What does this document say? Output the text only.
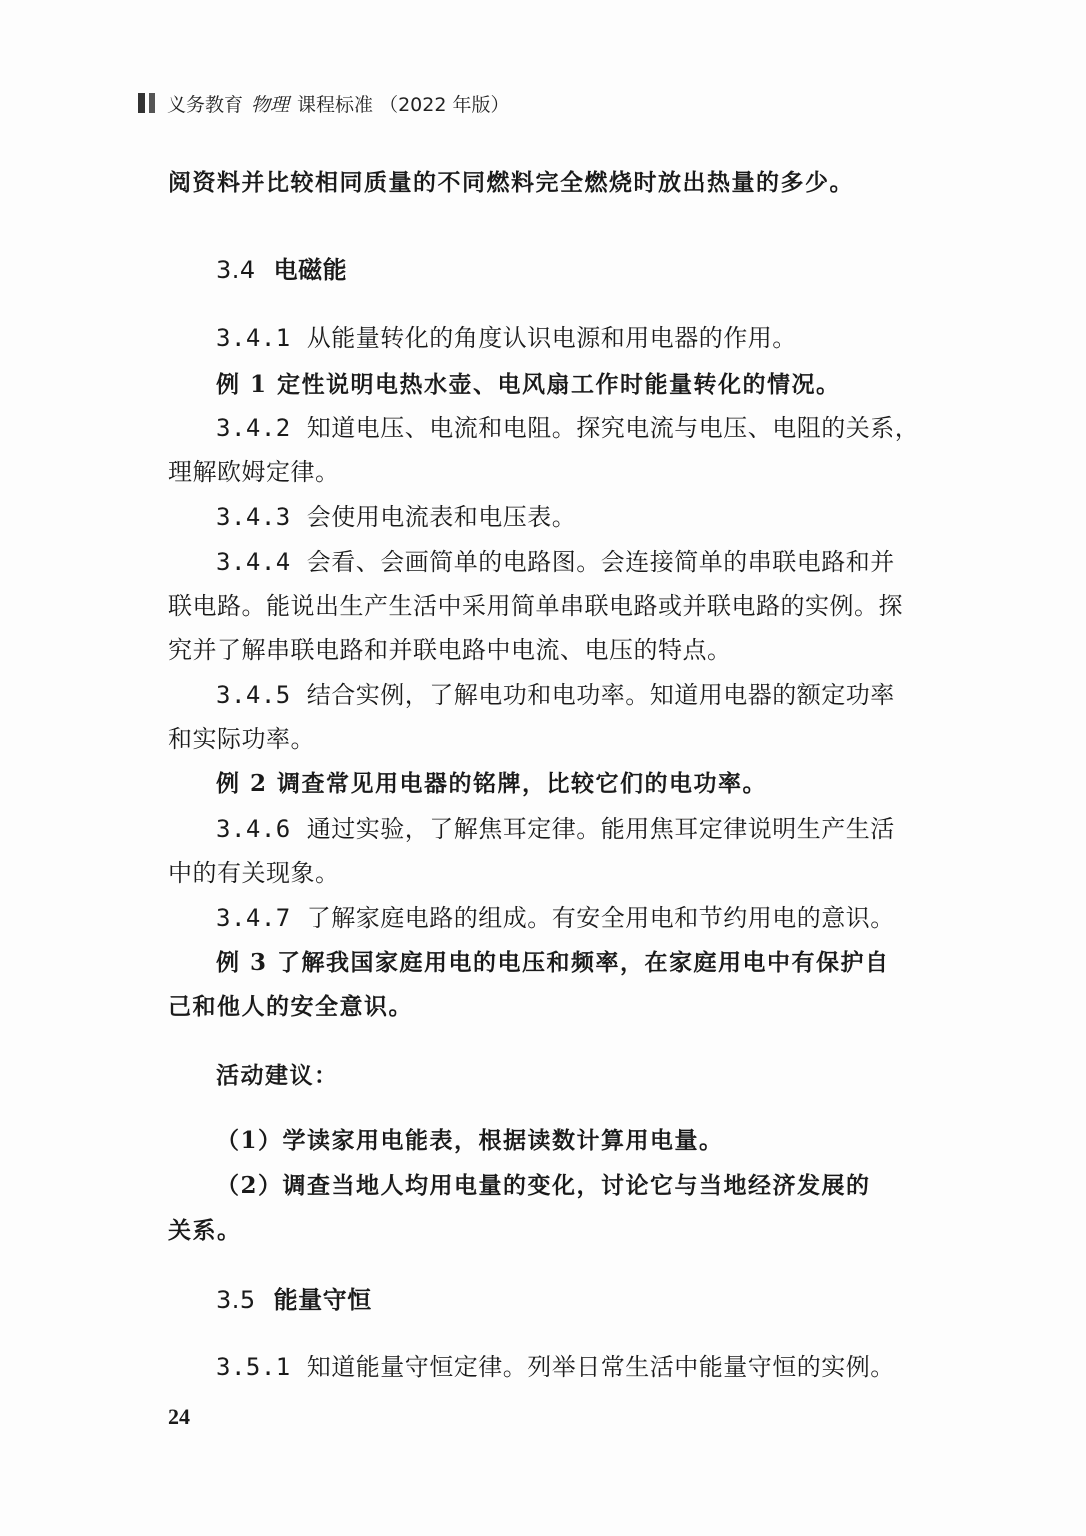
义务教育 物理 课程标准 （2022 年版）
阅资料并比较相同质量的不同燃料完全燃烧时放出热量的多少。
3.4 电磁能
3.4.1 从能量转化的角度认识电源和用电器的作用。
例 1 定性说明电热水壶、电风扇工作时能量转化的情况。
3.4.2 知道电压、电流和电阻。探究电流与电压、电阻的关系，
理解欧姆定律。
3.4.3 会使用电流表和电压表。
3.4.4 会看、会画简单的电路图。会连接简单的串联电路和并
联电路。能说出生产生活中采用简单串联电路或并联电路的实例。探
究并了解串联电路和并联电路中电流、电压的特点。
3.4.5 结合实例，了解电功和电功率。知道用电器的额定功率
和实际功率。
例 2 调查常见用电器的铭牌，比较它们的电功率。
3.4.6 通过实验，了解焦耳定律。能用焦耳定律说明生产生活
中的有关现象。
3.4.7 了解家庭电路的组成。有安全用电和节约用电的意识。
例 3 了解我国家庭用电的电压和频率，在家庭用电中有保护自
己和他人的安全意识。
活动建议：
（1）学读家用电能表，根据读数计算用电量。
（2）调查当地人均用电量的变化，讨论它与当地经济发展的
关系。
3.5 能量守恒
3.5.1 知道能量守恒定律。列举日常生活中能量守恒的实例。
24
